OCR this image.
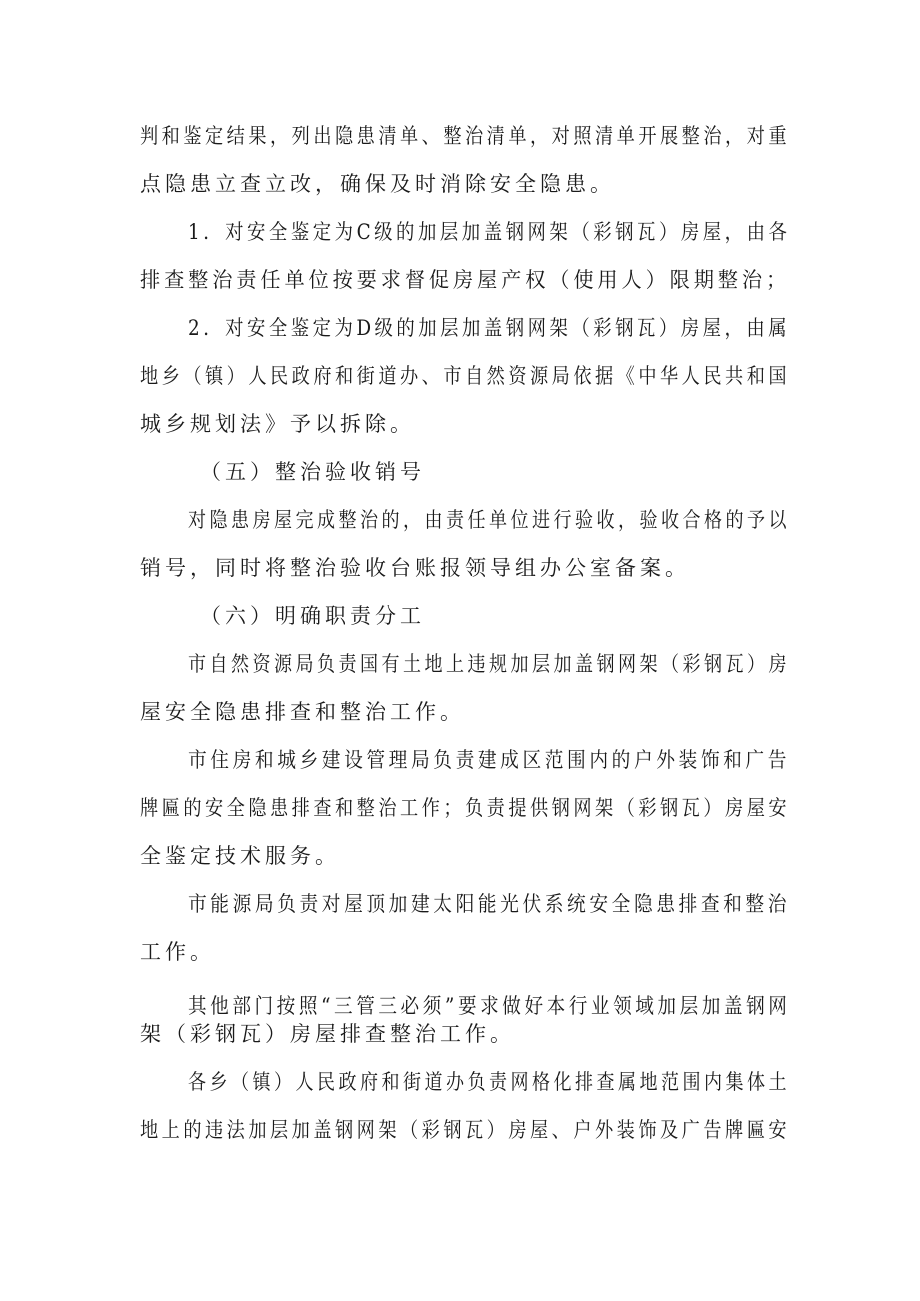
判和鉴定结果，列出隐患清单、整治清单，对照清单开展整治，对重
点隐患立查立改，确保及时消除安全隐患。
1．对安全鉴定为C级的加层加盖钢网架（彩钢瓦）房屋，由各
排查整治责任单位按要求督促房屋产权（使用人）限期整治；
2．对安全鉴定为D级的加层加盖钢网架（彩钢瓦）房屋，由属
地乡（镇）人民政府和街道办、市自然资源局依据《中华人民共和国
城乡规划法》予以拆除。
（五）整治验收销号
对隐患房屋完成整治的，由责任单位进行验收，验收合格的予以
销号，同时将整治验收台账报领导组办公室备案。
（六）明确职责分工
市自然资源局负责国有土地上违规加层加盖钢网架（彩钢瓦）房
屋安全隐患排查和整治工作。
市住房和城乡建设管理局负责建成区范围内的户外装饰和广告
牌匾的安全隐患排查和整治工作；负责提供钢网架（彩钢瓦）房屋安
全鉴定技术服务。
市能源局负责对屋顶加建太阳能光伏系统安全隐患排查和整治
工作。
其他部门按照“三管三必须”要求做好本行业领域加层加盖钢网
架（彩钢瓦）房屋排查整治工作。
各乡（镇）人民政府和街道办负责网格化排查属地范围内集体土
地上的违法加层加盖钢网架（彩钢瓦）房屋、户外装饰及广告牌匾安
